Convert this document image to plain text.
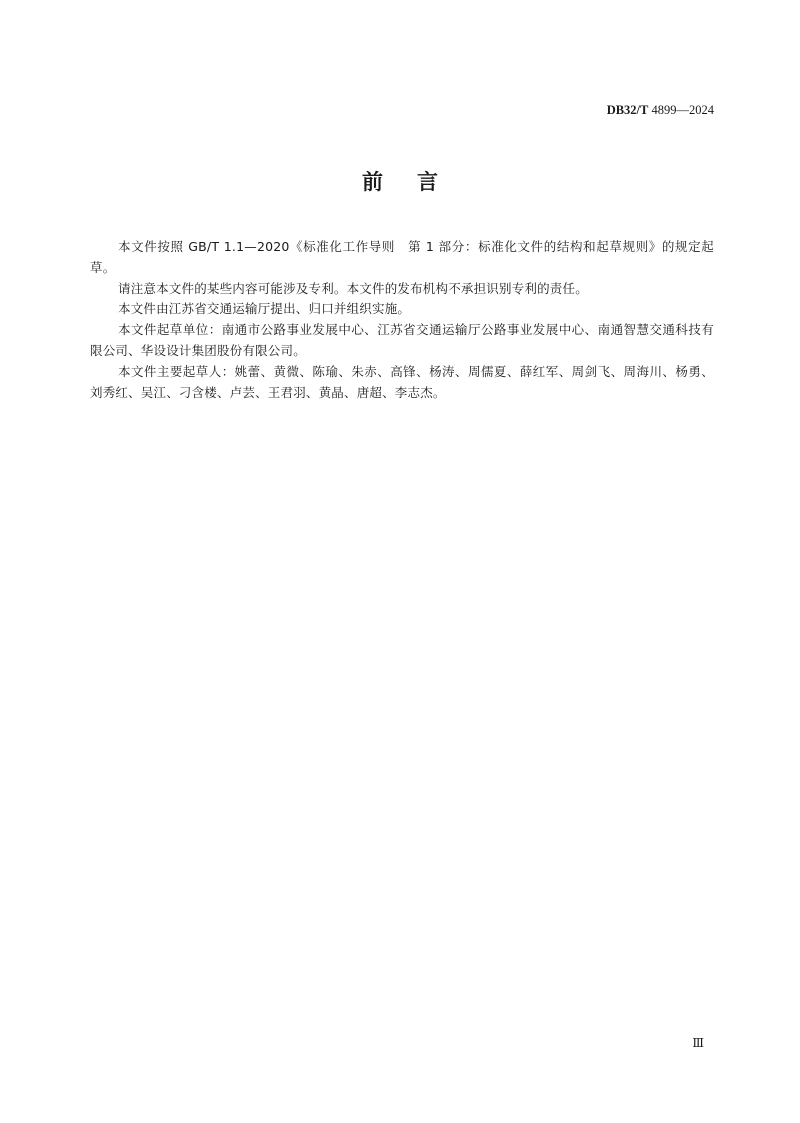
DB32/T 4899—2024
前 言

本文件按照 GB/T 1.1—2020《标准化工作导则　第 1 部分：标准化文件的结构和起草规则》的规定起草。

请注意本文件的某些内容可能涉及专利。本文件的发布机构不承担识别专利的责任。

本文件由江苏省交通运输厅提出、归口并组织实施。

本文件起草单位：南通市公路事业发展中心、江苏省交通运输厅公路事业发展中心、南通智慧交通科技有限公司、华设设计集团股份有限公司。

本文件主要起草人：姚蕾、黄微、陈瑜、朱赤、高锋、杨涛、周儒夏、薛红军、周剑飞、周海川、杨勇、刘秀红、吴江、刁含楼、卢芸、王君羽、黄晶、唐超、李志杰。

Ⅲ
